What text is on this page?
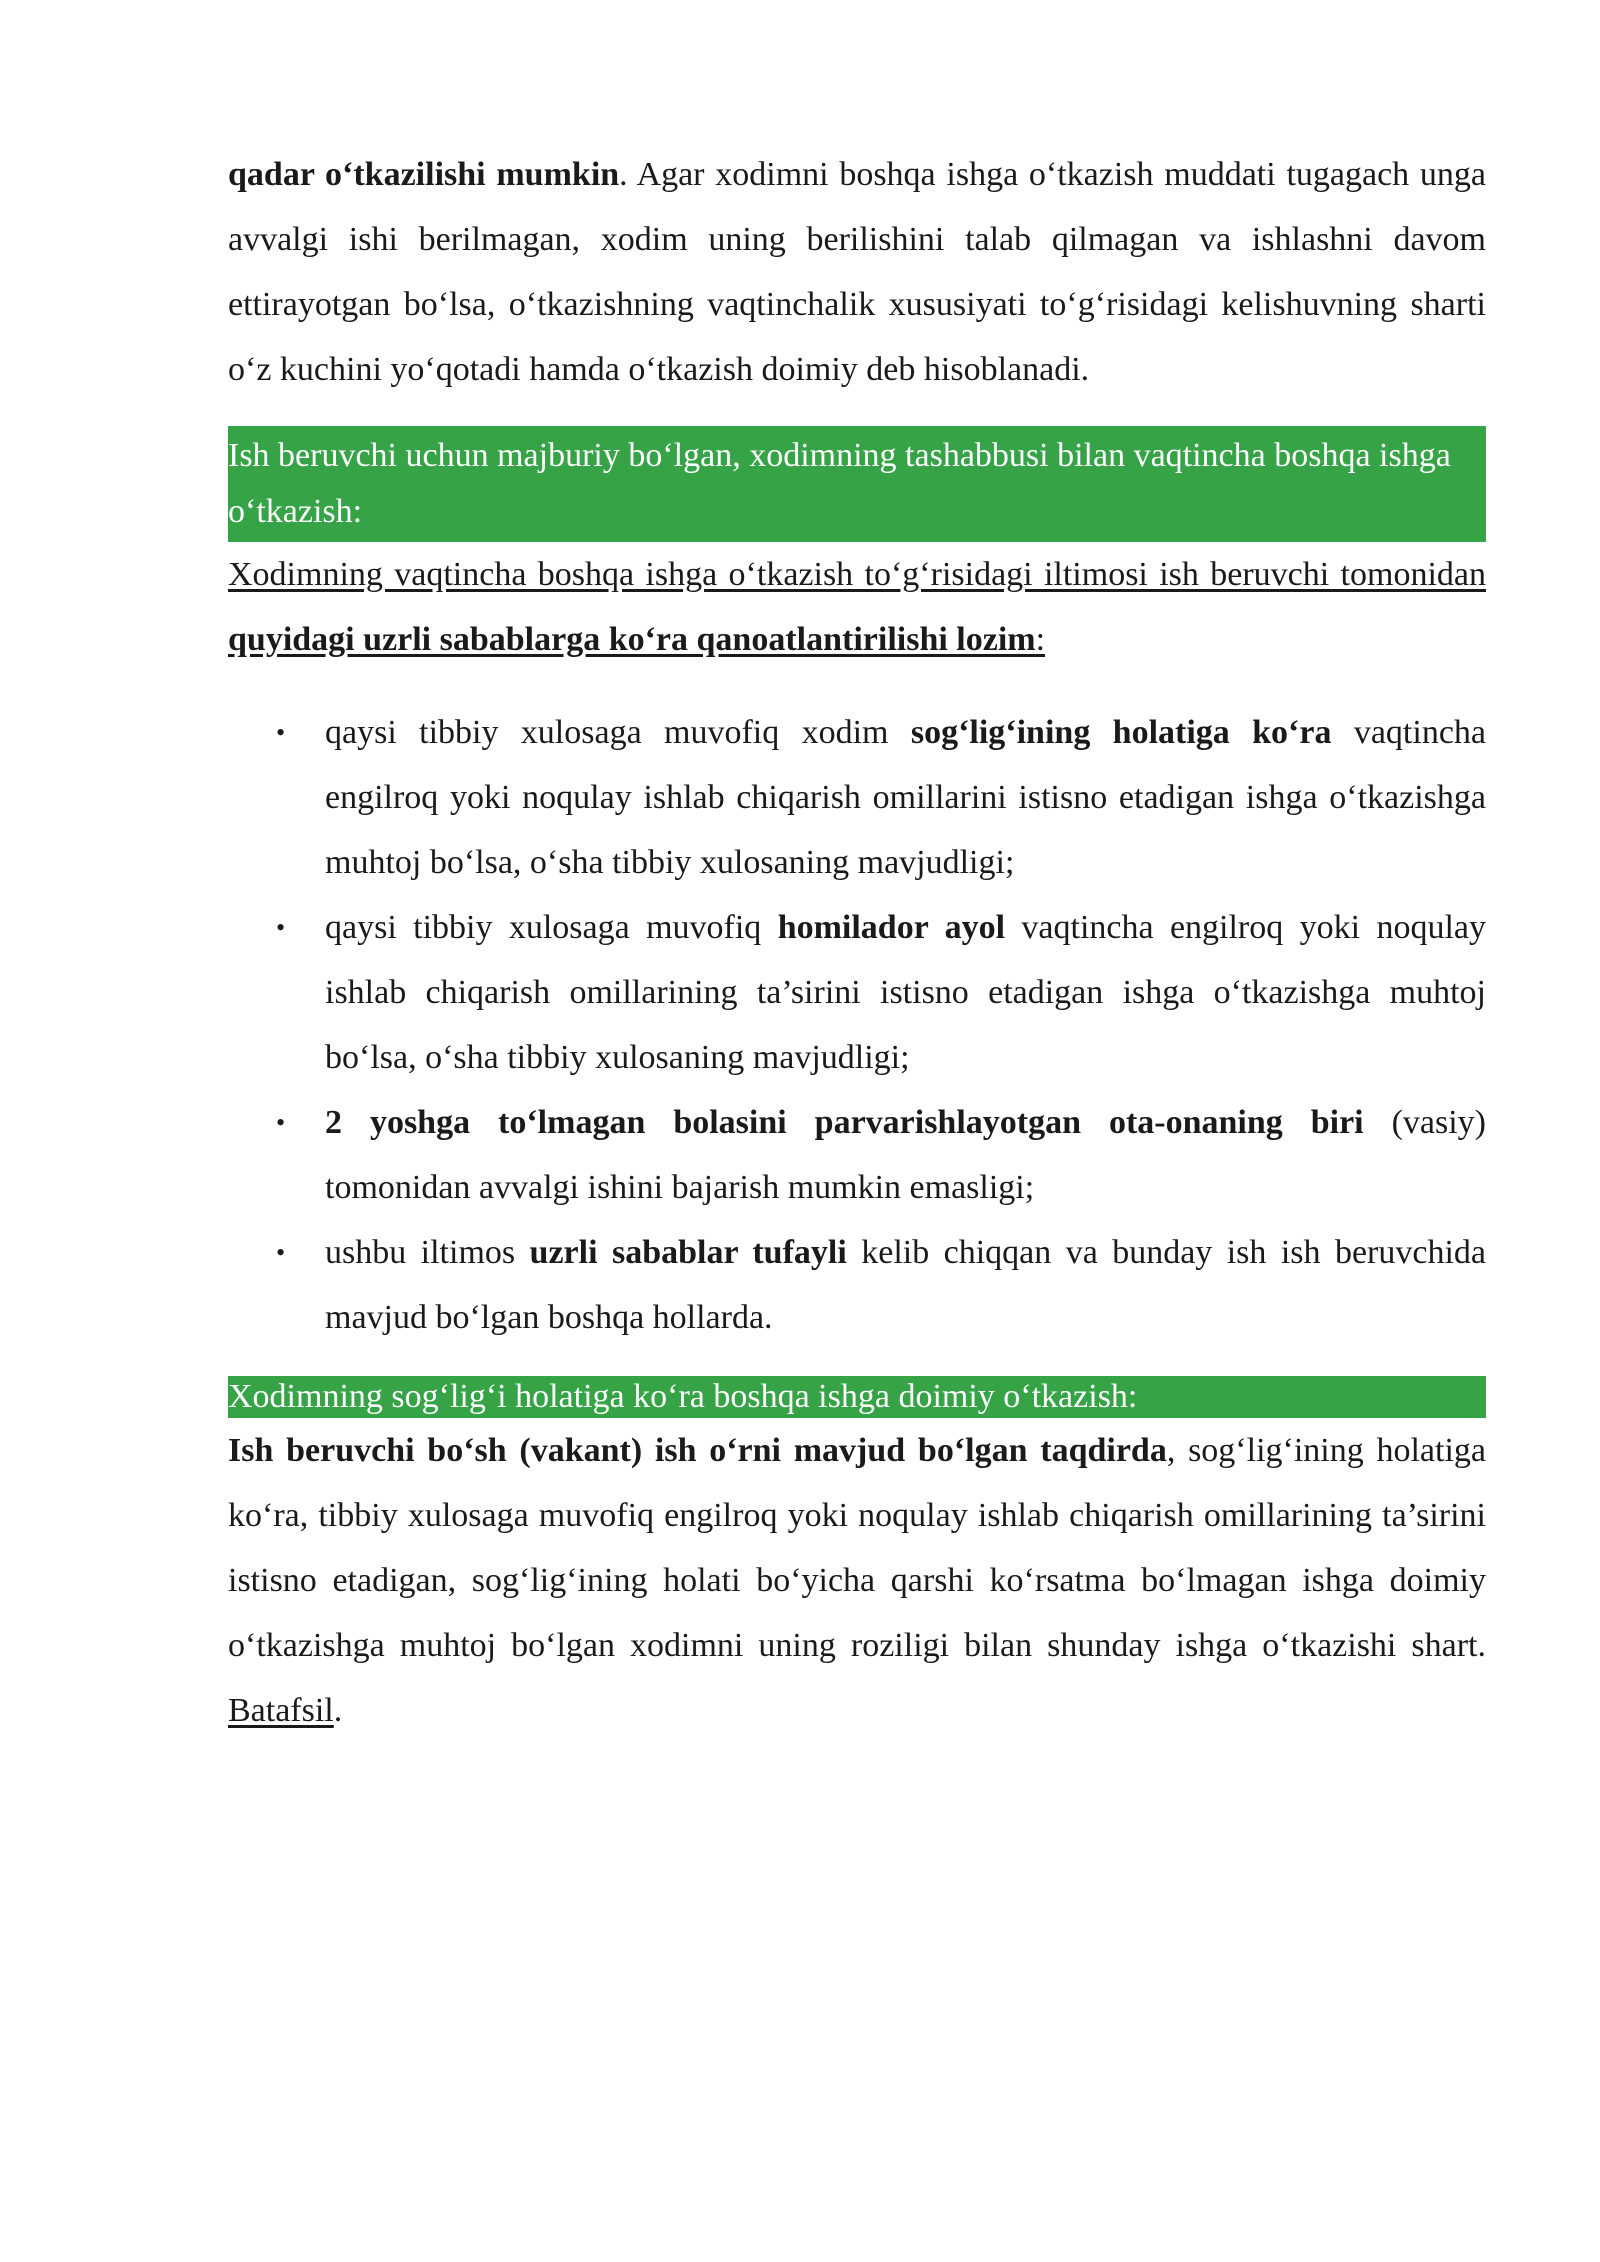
qadar o‘tkazilishi mumkin. Agar xodimni boshqa ishga o‘tkazish muddati tugagach unga avvalgi ishi berilmagan, xodim uning berilishini talab qilmagan va ishlashni davom ettirayotgan bo‘lsa, o‘tkazishning vaqtinchalik xususiyati to‘g‘risidagi kelishuvning sharti o‘z kuchini yo‘qotadi hamda o‘tkazish doimiy deb hisoblanadi.

Ish beruvchi uchun majburiy bo‘lgan, xodimning tashabbusi bilan vaqtincha boshqa ishga o‘tkazish:

Xodimning vaqtincha boshqa ishga o‘tkazish to‘g‘risidagi iltimosi ish beruvchi tomonidan quyidagi uzrli sabablarga ko‘ra qanoatlantirilishi lozim:

• qaysi tibbiy xulosaga muvofiq xodim sog‘lig‘ining holatiga ko‘ra vaqtincha engilroq yoki noqulay ishlab chiqarish omillarini istisno etadigan ishga o‘tkazishga muhtoj bo‘lsa, o‘sha tibbiy xulosaning mavjudligi;
• qaysi tibbiy xulosaga muvofiq homilador ayol vaqtincha engilroq yoki noqulay ishlab chiqarish omillarining ta’sirini istisno etadigan ishga o‘tkazishga muhtoj bo‘lsa, o‘sha tibbiy xulosaning mavjudligi;
• 2 yoshga to‘lmagan bolasini parvarishlayotgan ota-onaning biri (vasiy) tomonidan avvalgi ishini bajarish mumkin emasligi;
• ushbu iltimos uzrli sabablar tufayli kelib chiqqan va bunday ish ish beruvchida mavjud bo‘lgan boshqa hollarda.
Xodimning sog‘lig‘i holatiga ko‘ra boshqa ishga doimiy o‘tkazish:

Ish beruvchi bo‘sh (vakant) ish o‘rni mavjud bo‘lgan taqdirda, sog‘lig‘ining holatiga ko‘ra, tibbiy xulosaga muvofiq engilroq yoki noqulay ishlab chiqarish omillarining ta’sirini istisno etadigan, sog‘lig‘ining holati bo‘yicha qarshi ko‘rsatma bo‘lmagan ishga doimiy o‘tkazishga muhtoj bo‘lgan xodimni uning roziligi bilan shunday ishga o‘tkazishi shart. Batafsil.
